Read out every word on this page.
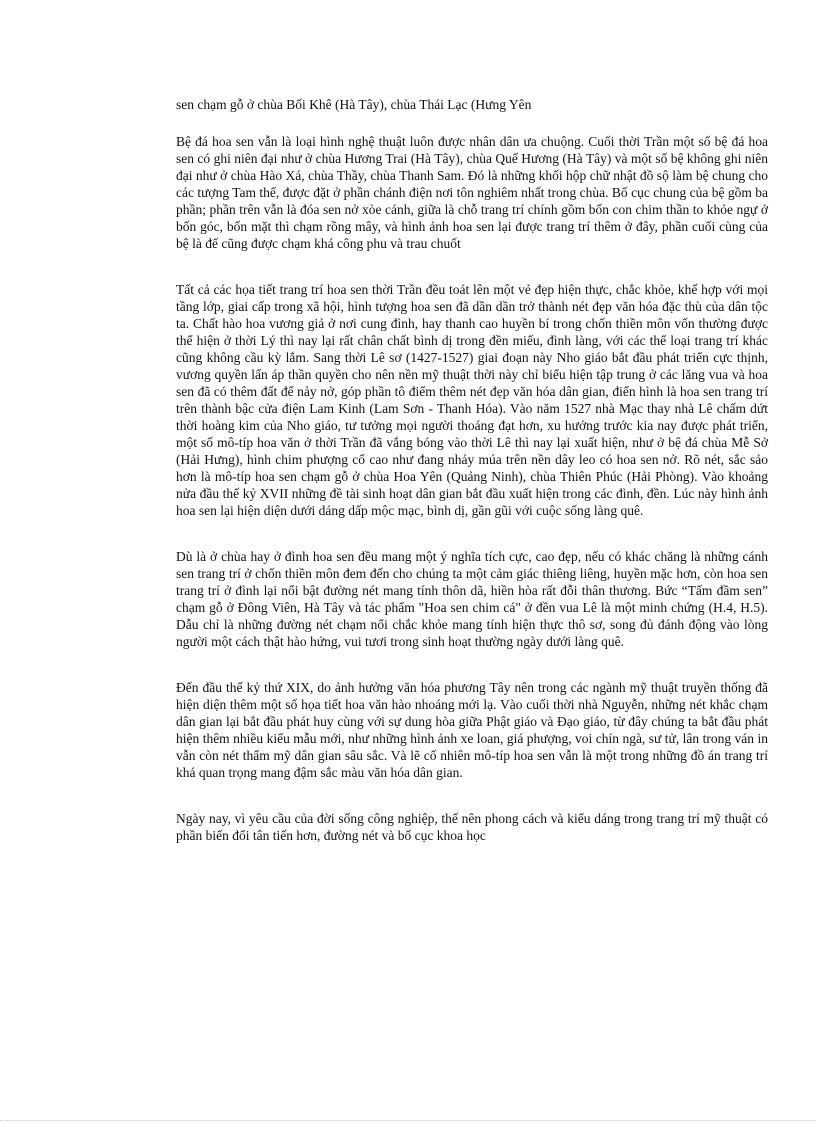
sen chạm gỗ ở chùa Bối Khê (Hà Tây), chùa Thái Lạc (Hưng Yên

Bệ đá hoa sen vẫn là loại hình nghệ thuật luôn được nhân dân ưa chuộng. Cuối thời Trần một số bệ đá hoa sen có ghi niên đại như ở chùa Hương Trai (Hà Tây), chùa Quế Hương (Hà Tây) và một số bệ không ghi niên đại như ở chùa Hào Xá, chùa Thầy, chùa Thanh Sam. Đó là những khối hộp chữ nhật đồ sộ làm bệ chung cho các tượng Tam thế, được đặt ở phần chánh điện nơi tôn nghiêm nhất trong chùa. Bố cục chung của bệ gồm ba phần; phần trên vẫn là đóa sen nở xòe cánh, giữa là chỗ trang trí chính gồm bốn con chim thần to khỏe ngự ở bốn góc, bốn mặt thì chạm rồng mây, và hình ảnh hoa sen lại được trang trí thêm ở đây, phần cuối cùng của bệ là đế cũng được chạm khá công phu và trau chuốt

Tất cả các họa tiết trang trí hoa sen thời Trần đều toát lên một vẻ đẹp hiện thực, chắc khỏe, khế hợp với mọi tầng lớp, giai cấp trong xã hội, hình tượng hoa sen đã dần dần trở thành nét đẹp văn hóa đặc thù của dân tộc ta. Chất hào hoa vương giả ở nơi cung đình, hay thanh cao huyền bí trong chốn thiền môn vốn thường được thể hiện ở thời Lý thì nay lại rất chân chất bình dị trong đền miếu, đình làng, với các thể loại trang trí khác cũng không cầu kỳ lắm. Sang thời Lê sơ (1427-1527) giai đoạn này Nho giáo bắt đầu phát triển cực thịnh, vương quyền lấn áp thần quyền cho nên nền mỹ thuật thời này chỉ biểu hiện tập trung ở các lăng vua và hoa sen đã có thêm đất để nảy nở, góp phần tô điểm thêm nét đẹp văn hóa dân gian, điển hình là hoa sen trang trí trên thành bậc cửa điện Lam Kinh (Lam Sơn - Thanh Hóa). Vào năm 1527 nhà Mạc thay nhà Lê chấm dứt thời hoàng kim của Nho giáo, tư tưởng mọi người thoáng đạt hơn, xu hướng trước kia nay được phát triển, một số mô-típ hoa văn ở thời Trần đã vắng bóng vào thời Lê thì nay lại xuất hiện, như ở bệ đá chùa Mễ Sở (Hải Hưng), hình chim phượng cổ cao như đang nhảy múa trên nền dây leo có hoa sen nở. Rõ nét, sắc sảo hơn là mô-típ hoa sen chạm gỗ ở chùa Hoa Yên (Quảng Ninh), chùa Thiên Phúc (Hải Phòng). Vào khoảng nửa đầu thế kỷ XVII những đề tài sinh hoạt dân gian bắt đầu xuất hiện trong các đình, đền. Lúc này hình ảnh hoa sen lại hiện diện dưới dáng dấp mộc mạc, bình dị, gần gũi với cuộc sống làng quê.

Dù là ở chùa hay ở đình hoa sen đều mang một ý nghĩa tích cực, cao đẹp, nếu có khác chăng là những cánh sen trang trí ở chốn thiền môn đem đến cho chúng ta một cảm giác thiêng liêng, huyền mặc hơn, còn hoa sen trang trí ở đình lại nổi bật đường nét mang tính thôn dã, hiền hòa rất đỗi thân thương. Bức “Tấm đầm sen” chạm gỗ ở Đông Viên, Hà Tây và tác phẩm "Hoa sen chim cá" ở đền vua Lê là một minh chứng (H.4, H.5). Dẫu chỉ là những đường nét chạm nổi chắc khỏe mang tính hiện thực thô sơ, song đủ đánh động vào lòng người một cách thật hào hứng, vui tươi trong sinh hoạt thường ngày dưới làng quê.

Đến đầu thế kỷ thứ XIX, do ảnh hưởng văn hóa phương Tây nên trong các ngành mỹ thuật truyền thống đã hiện diện thêm một số họa tiết hoa văn hào nhoáng mới lạ. Vào cuối thời nhà Nguyễn, những nét khắc chạm dân gian lại bắt đầu phát huy cùng với sự dung hòa giữa Phật giáo và Đạo giáo, từ đây chúng ta bắt đầu phát hiện thêm nhiều kiểu mẫu mới, như những hình ảnh xe loan, giá phượng, voi chín ngà, sư tử, lân trong ván in vẫn còn nét thẩm mỹ dân gian sâu sắc. Và lẽ cố nhiên mô-típ hoa sen vẫn là một trong những đồ án trang trí khá quan trọng mang đậm sắc màu văn hóa dân gian.

Ngày nay, vì yêu cầu của đời sống công nghiệp, thế nên phong cách và kiểu dáng trong trang trí mỹ thuật có phần biến đổi tân tiến hơn, đường nét và bố cục khoa học
